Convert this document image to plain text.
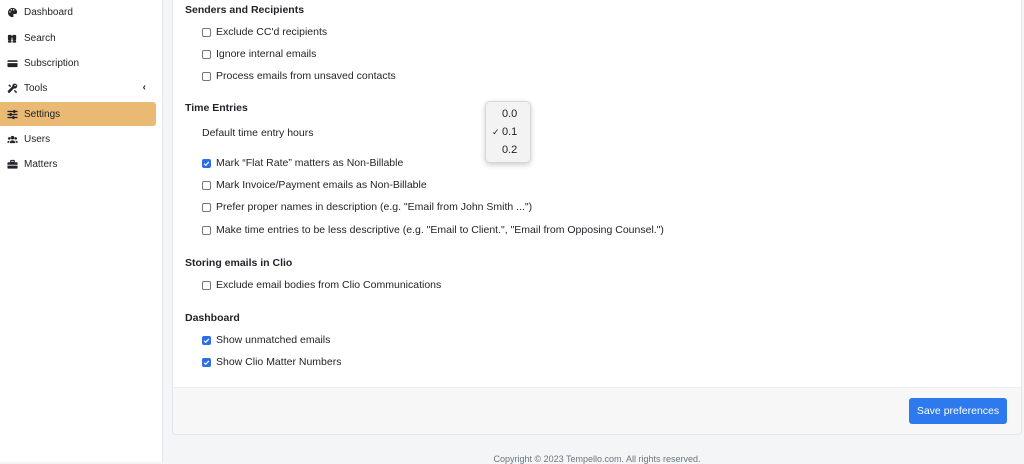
Dashboard
Search
Subscription
Tools	‹
Settings
Users
Matters
Senders and Recipients
Exclude CC'd recipients
Ignore internal emails
Process emails from unsaved contacts
Time Entries
Default time entry hours
Mark “Flat Rate” matters as Non-Billable
Mark Invoice/Payment emails as Non-Billable
Prefer proper names in description (e.g. "Email from John Smith ...")
Make time entries to be less descriptive (e.g. "Email to Client.", "Email from Opposing Counsel.")
0.0
✓ 0.1
0.2
Storing emails in Clio
Exclude email bodies from Clio Communications
Dashboard
Show unmatched emails
Show Clio Matter Numbers
Save preferences
Copyright © 2023 Tempello.com. All rights reserved.
